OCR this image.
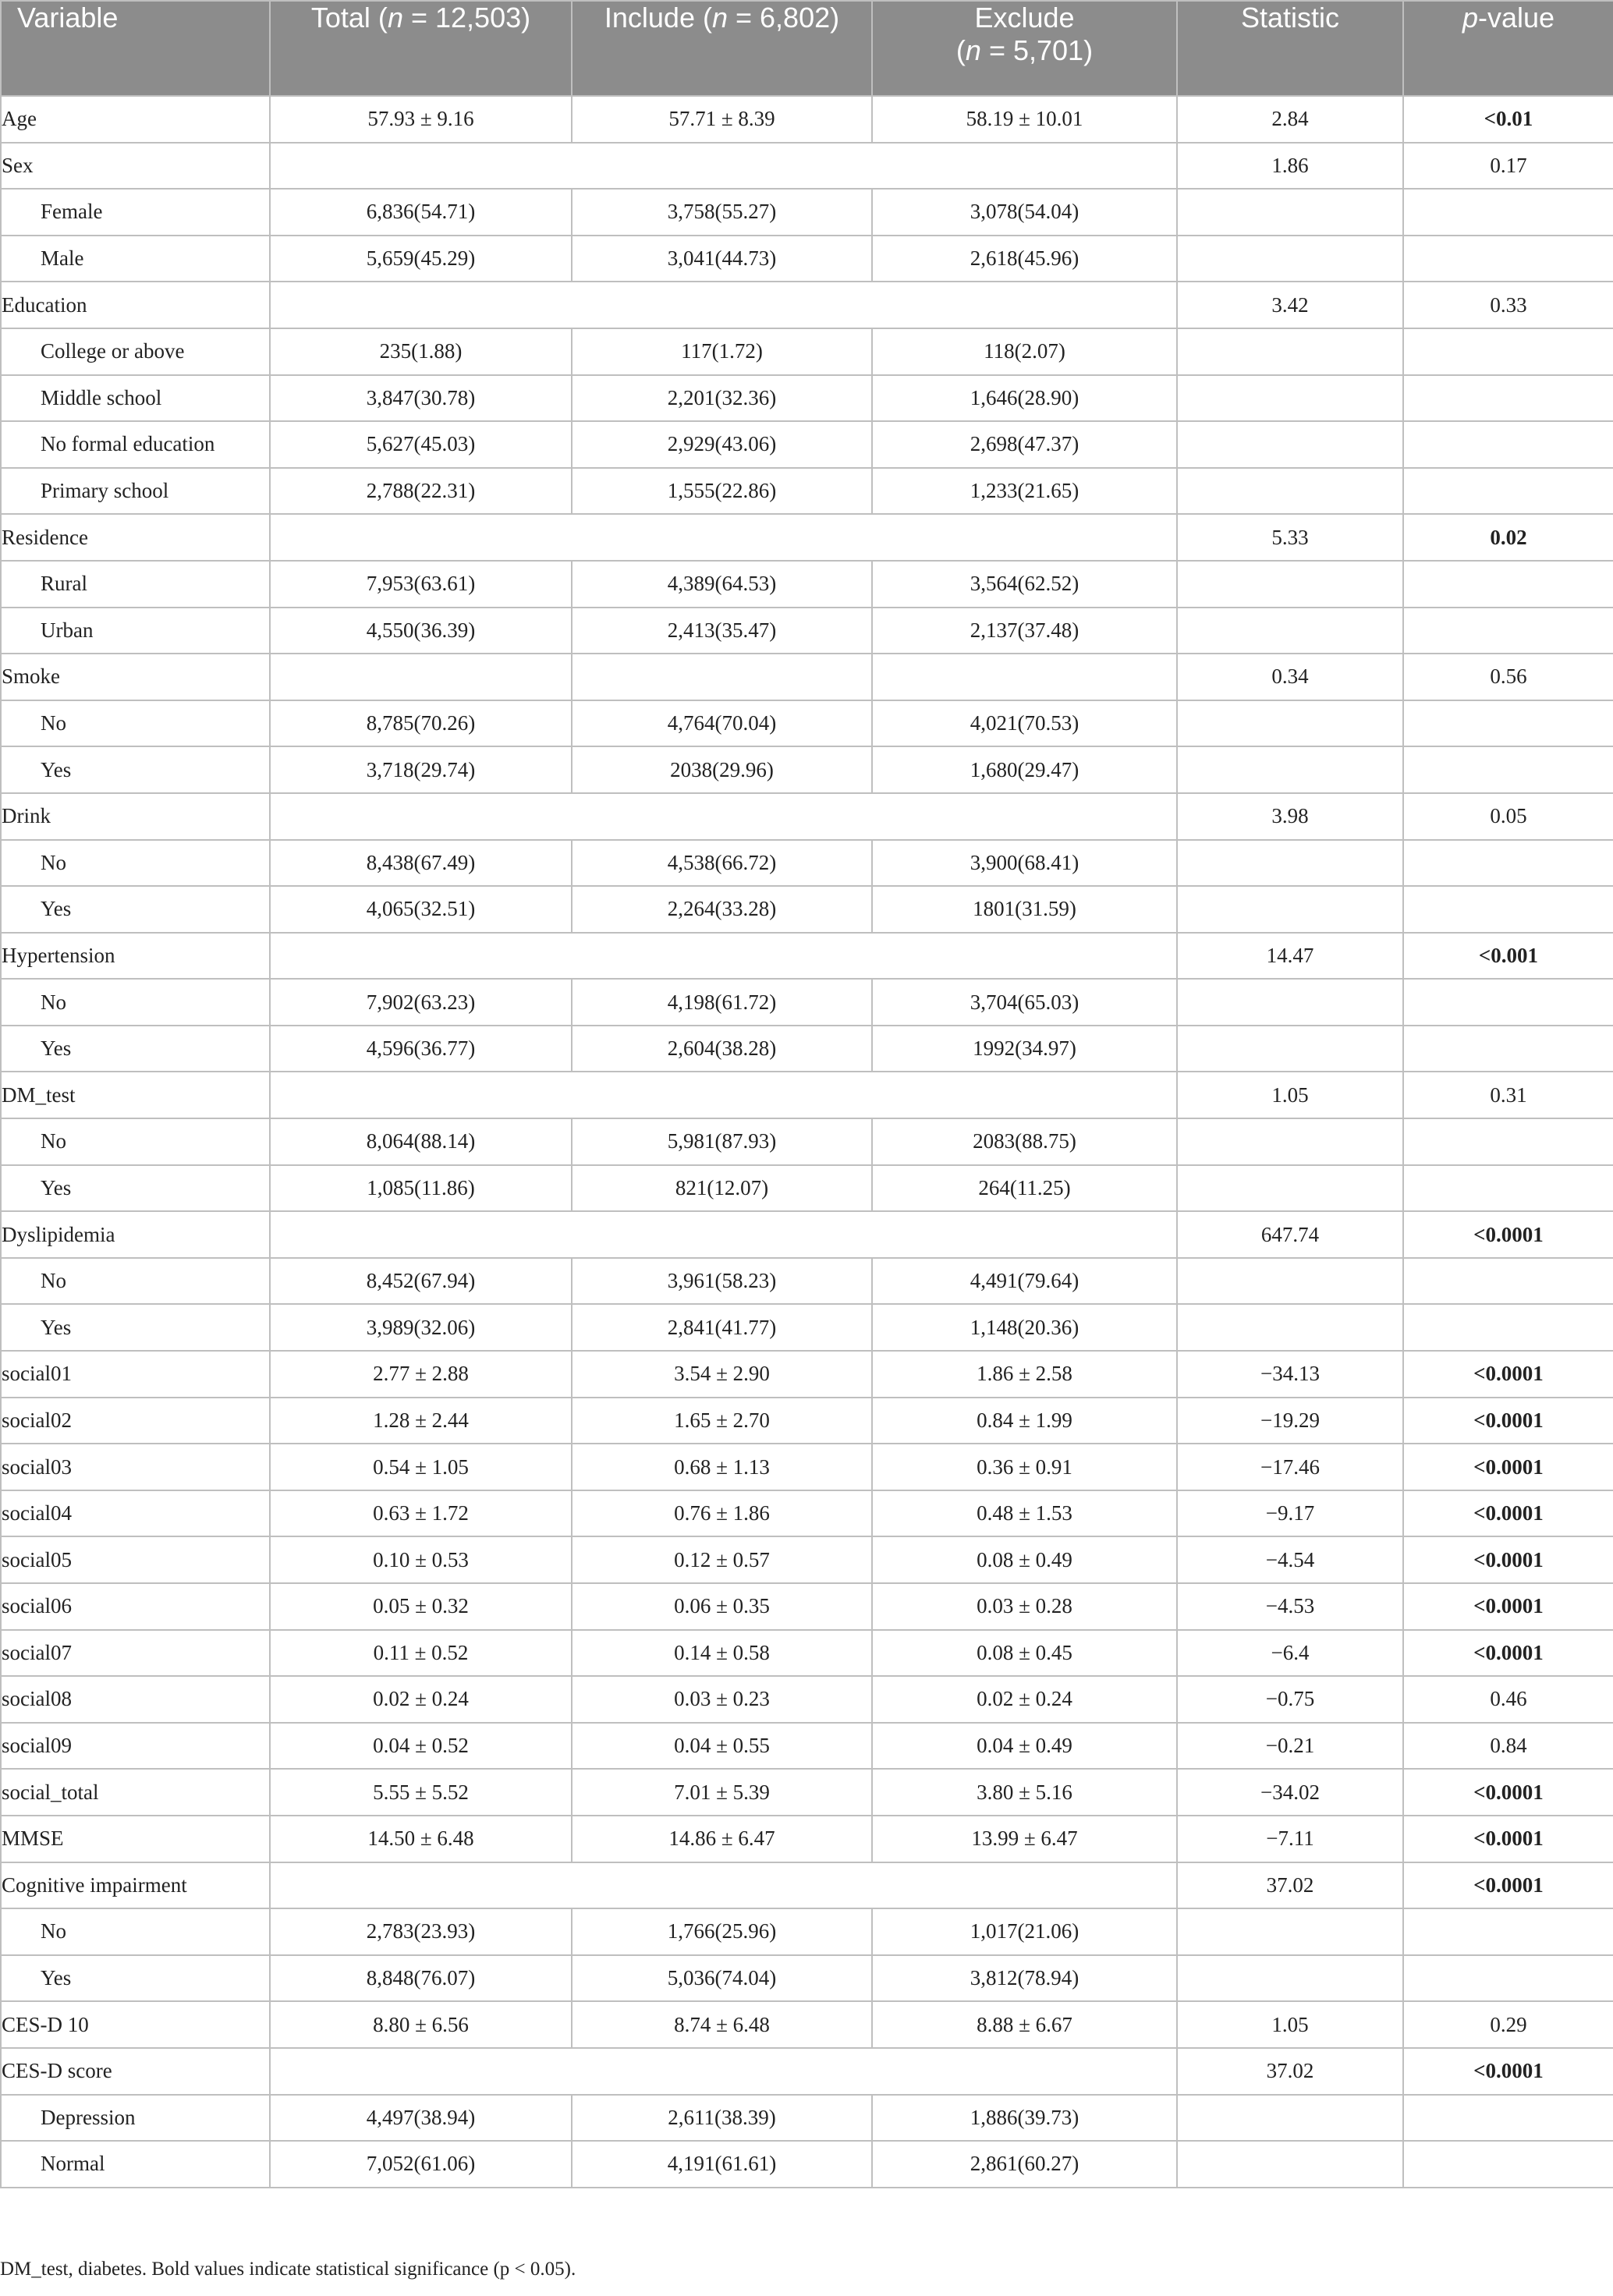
Variable	Total (n = 12,503)	Include (n = 6,802)	Exclude
(n = 5,701)	Statistic	p-value
Age	57.93 ± 9.16	57.71 ± 8.39	58.19 ± 10.01	2.84	<0.01
Sex				1.86	0.17
Female	6,836(54.71)	3,758(55.27)	3,078(54.04)		
Male	5,659(45.29)	3,041(44.73)	2,618(45.96)		
Education				3.42	0.33
College or above	235(1.88)	117(1.72)	118(2.07)		
Middle school	3,847(30.78)	2,201(32.36)	1,646(28.90)		
No formal education	5,627(45.03)	2,929(43.06)	2,698(47.37)		
Primary school	2,788(22.31)	1,555(22.86)	1,233(21.65)		
Residence				5.33	0.02
Rural	7,953(63.61)	4,389(64.53)	3,564(62.52)		
Urban	4,550(36.39)	2,413(35.47)	2,137(37.48)		
Smoke				0.34	0.56
No	8,785(70.26)	4,764(70.04)	4,021(70.53)		
Yes	3,718(29.74)	2038(29.96)	1,680(29.47)		
Drink				3.98	0.05
No	8,438(67.49)	4,538(66.72)	3,900(68.41)		
Yes	4,065(32.51)	2,264(33.28)	1801(31.59)		
Hypertension				14.47	<0.001
No	7,902(63.23)	4,198(61.72)	3,704(65.03)		
Yes	4,596(36.77)	2,604(38.28)	1992(34.97)		
DM_test				1.05	0.31
No	8,064(88.14)	5,981(87.93)	2083(88.75)		
Yes	1,085(11.86)	821(12.07)	264(11.25)		
Dyslipidemia				647.74	<0.0001
No	8,452(67.94)	3,961(58.23)	4,491(79.64)		
Yes	3,989(32.06)	2,841(41.77)	1,148(20.36)		
social01	2.77 ± 2.88	3.54 ± 2.90	1.86 ± 2.58	−34.13	<0.0001
social02	1.28 ± 2.44	1.65 ± 2.70	0.84 ± 1.99	−19.29	<0.0001
social03	0.54 ± 1.05	0.68 ± 1.13	0.36 ± 0.91	−17.46	<0.0001
social04	0.63 ± 1.72	0.76 ± 1.86	0.48 ± 1.53	−9.17	<0.0001
social05	0.10 ± 0.53	0.12 ± 0.57	0.08 ± 0.49	−4.54	<0.0001
social06	0.05 ± 0.32	0.06 ± 0.35	0.03 ± 0.28	−4.53	<0.0001
social07	0.11 ± 0.52	0.14 ± 0.58	0.08 ± 0.45	−6.4	<0.0001
social08	0.02 ± 0.24	0.03 ± 0.23	0.02 ± 0.24	−0.75	0.46
social09	0.04 ± 0.52	0.04 ± 0.55	0.04 ± 0.49	−0.21	0.84
social_total	5.55 ± 5.52	7.01 ± 5.39	3.80 ± 5.16	−34.02	<0.0001
MMSE	14.50 ± 6.48	14.86 ± 6.47	13.99 ± 6.47	−7.11	<0.0001
Cognitive impairment				37.02	<0.0001
No	2,783(23.93)	1,766(25.96)	1,017(21.06)		
Yes	8,848(76.07)	5,036(74.04)	3,812(78.94)		
CES-D 10	8.80 ± 6.56	8.74 ± 6.48	8.88 ± 6.67	1.05	0.29
CES-D score				37.02	<0.0001
Depression	4,497(38.94)	2,611(38.39)	1,886(39.73)		
Normal	7,052(61.06)	4,191(61.61)	2,861(60.27)		
DM_test, diabetes. Bold values indicate statistical significance (p < 0.05).
